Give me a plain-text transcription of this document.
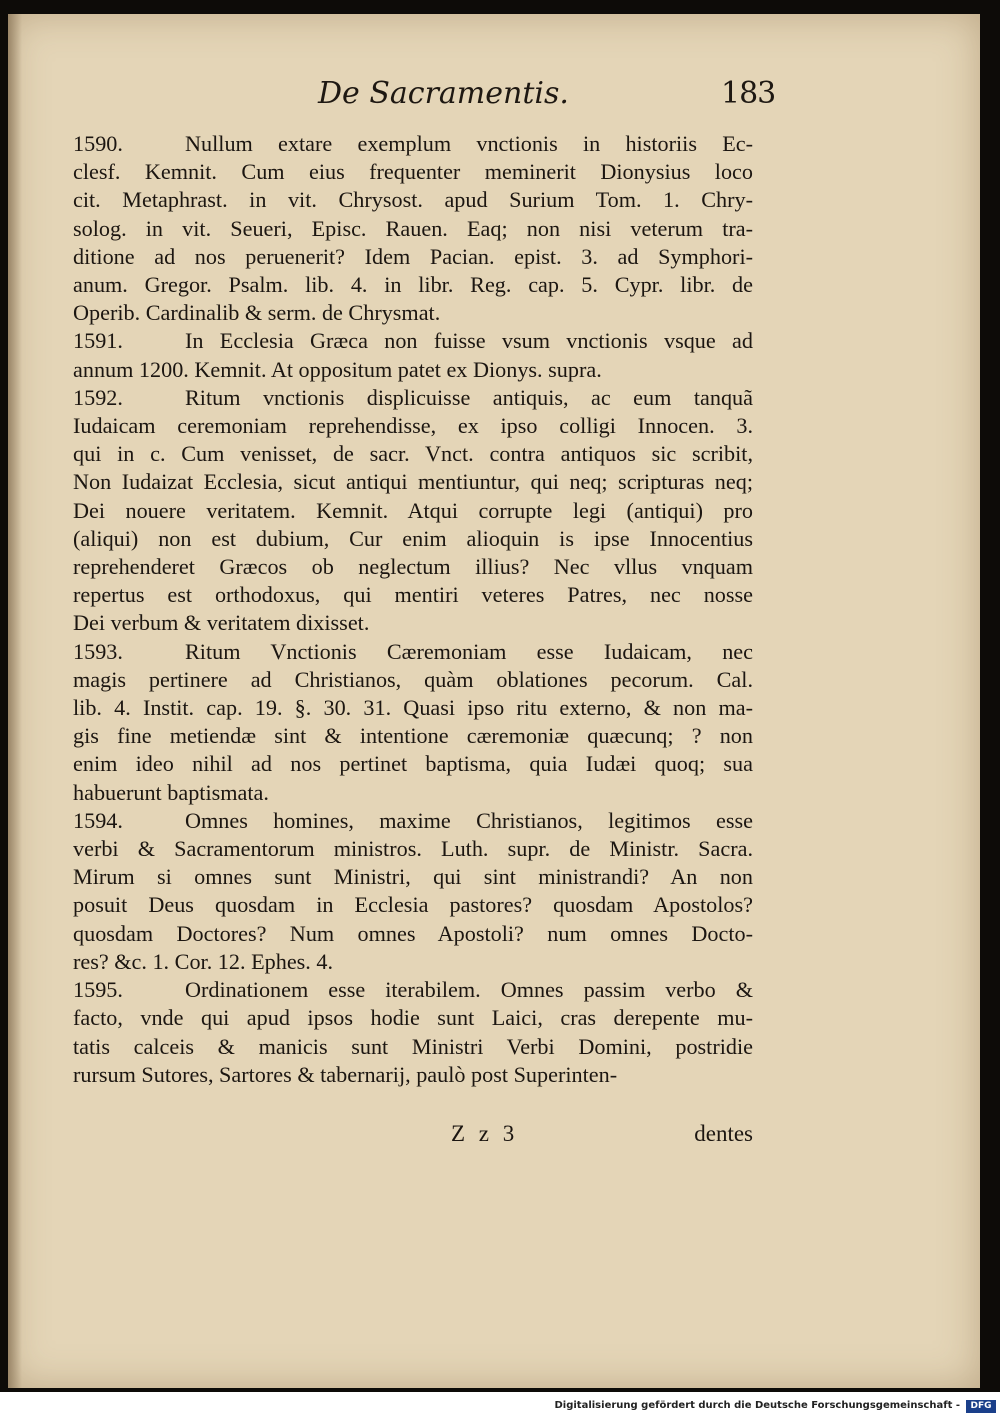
De Sacramentis.	183
1590.	Nullum extare exemplum vnctionis in historiis Ec-
clesf. Kemnit. Cum eius frequenter meminerit Dionysius loco
cit. Metaphrast. in vit. Chrysost. apud Surium Tom. 1. Chry-
solog. in vit. Seueri, Episc. Rauen. Eaq; non nisi veterum tra-
ditione ad nos peruenerit? Idem Pacian. epist. 3. ad Symphori-
anum. Gregor. Psalm. lib. 4. in libr. Reg. cap. 5. Cypr. libr. de
Operib. Cardinalib & serm. de Chrysmat.
1591.	In Ecclesia Græca non fuisse vsum vnctionis vsque ad
annum 1200. Kemnit. At oppositum patet ex Dionys. supra.
1592.	Ritum vnctionis displicuisse antiquis, ac eum tanquã
Iudaicam ceremoniam reprehendisse, ex ipso colligi Innocen. 3.
qui in c. Cum venisset, de sacr. Vnct. contra antiquos sic scribit,
Non Iudaizat Ecclesia, sicut antiqui mentiuntur, qui neq; scripturas neq;
Dei nouere veritatem. Kemnit. Atqui corrupte legi (antiqui) pro
(aliqui) non est dubium, Cur enim alioquin is ipse Innocentius
reprehenderet Græcos ob neglectum illius? Nec vllus vnquam
repertus est orthodoxus, qui mentiri veteres Patres, nec nosse
Dei verbum & veritatem dixisset.
1593.	Ritum Vnctionis Cæremoniam esse Iudaicam, nec
magis pertinere ad Christianos, quàm oblationes pecorum. Cal.
lib. 4. Instit. cap. 19. §. 30. 31. Quasi ipso ritu externo, & non ma-
gis fine metiendæ sint & intentione cæremoniæ quæcunq; ? non
enim ideo nihil ad nos pertinet baptisma, quia Iudæi quoq; sua
habuerunt baptismata.
1594.	Omnes homines, maxime Christianos, legitimos esse
verbi & Sacramentorum ministros. Luth. supr. de Ministr. Sacra.
Mirum si omnes sunt Ministri, qui sint ministrandi? An non
posuit Deus quosdam in Ecclesia pastores? quosdam Apostolos?
quosdam Doctores? Num omnes Apostoli? num omnes Docto-
res? &c. 1. Cor. 12. Ephes. 4.
1595.	Ordinationem esse iterabilem. Omnes passim verbo &
facto, vnde qui apud ipsos hodie sunt Laici, cras derepente mu-
tatis calceis & manicis sunt Ministri Verbi Domini, postridie
rursum Sutores, Sartores & tabernarij, paulò post Superinten-
Z z 3	dentes
Digitalisierung gefördert durch die Deutsche Forschungsgemeinschaft -	DFG
